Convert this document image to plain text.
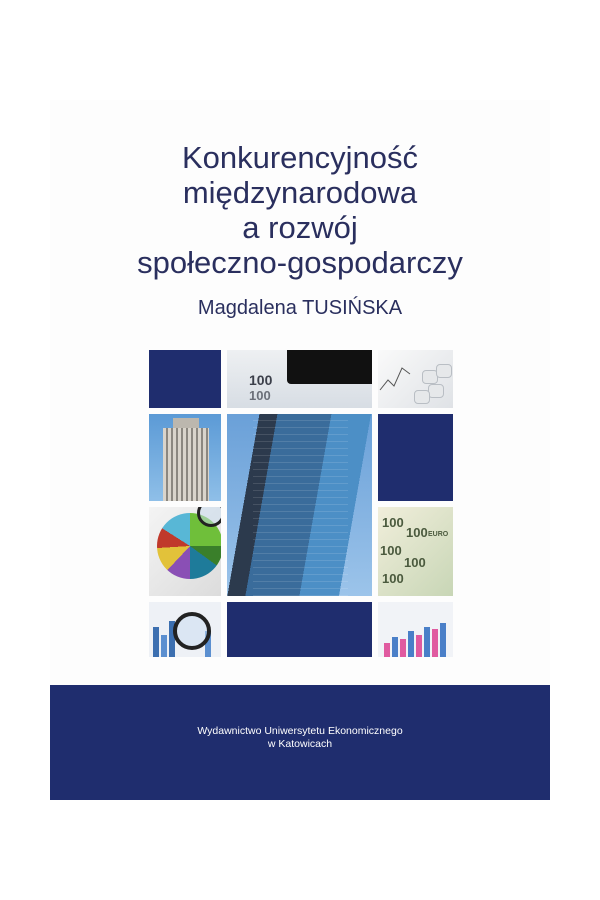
Konkurencyjność
międzynarodowa
a rozwój
społeczno-gospodarczy
Magdalena TUSIŃSKA
100
100
100
100
100
100
100
EURO
Wydawnictwo Uniwersytetu Ekonomicznego
w Katowicach
